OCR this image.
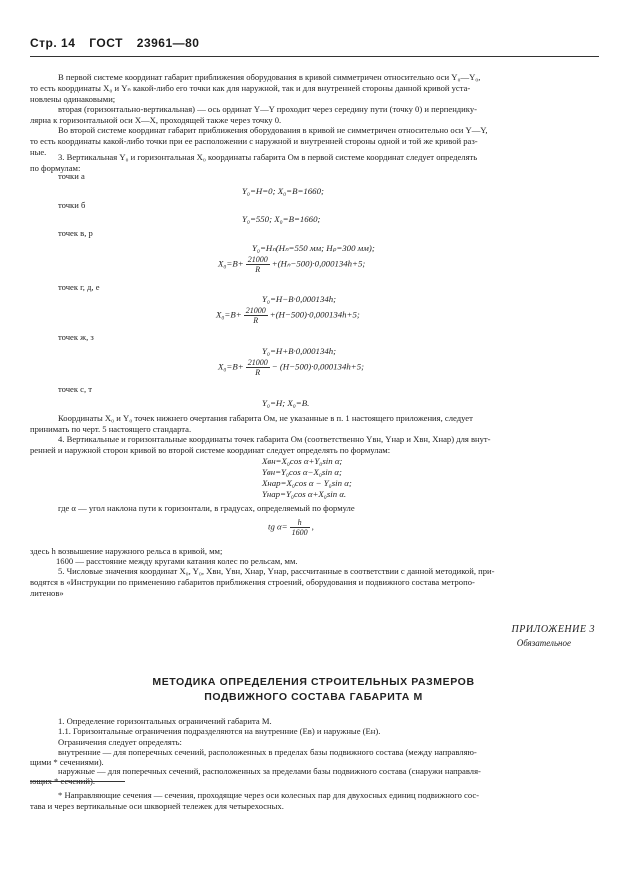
Стр. 14 ГОСТ 23961—80
В первой системе координат габарит приближения оборудования в кривой симметричен относительно оси Y₀—Y₀,
то есть координаты X₀ и Yₙ какой-либо его точки как для наружной, так и для внутренней стороны данной кривой уста-
новлены одинаковыми;
вторая (горизонтально-вертикальная) — ось ординат Y—Y проходит через середину пути (точку 0) и перпендику-
лярна к горизонтальной оси X—X, проходящей также через точку 0.
Во второй системе координат габарит приближения оборудования в кривой не симметричен относительно оси Y—Y,
то есть координаты какой-либо точки при ее расположении с наружной и внутренней стороны одной и той же кривой раз-
ные. 3. Вертикальная Y₀ и горизонтальная X₀ координаты габарита Oм в первой системе координат следует определять
по формулам:
точки а
Y₀=H=0; X₀=B=1660;
точки б
Y₀=550; X₀=B=1660;
точек в, р
Y₀=Hₙ(Hₙ=550 мм; Hₚ=300 мм);
$X_0=B+ \frac{21000}{R} +(H_n-500)\cdot 0,000134h+5$;
точек г, д, е
Y₀=H−B·0,000134h;
$X_0=B+ \frac{21000}{R} +(H-500)\cdot 0,000134h+5$;
точек ж, з
Y₀=H+B·0,000134h;
$X_0=B+ \frac{21000}{R} - (H-500)\cdot 0,000134h+5$;
точек с, т
Y₀=H; X₀=B.
Координаты X₀ и Y₀ точек нижнего очертания габарита Oм, не указанные в п. 1 настоящего приложения, следует
принимать по черт. 5 настоящего стандарта.
4. Вертикальные и горизонтальные координаты точек габарита Oм (соответственно Yвн, Yнар и Xвн, Xнар) для внут-
ренней и наружной сторон кривой во второй системе координат следует определять по формулам:
Xвн=X₀cos α+Y₀sin α;
Yвн=Y₀cos α−X₀sin α;
Xнар=X₀cos α − Y₀sin α;
Yнар=Y₀cos α+X₀sin α.
где α — угол наклона пути к горизонтали, в градусах, определяемый по формуле
tg $\alpha= \frac{h}{1600}$ ,
здесь h возвышение наружного рельса в кривой, мм;
1600 — расстояние между кругами катания колес по рельсам, мм.
5. Числовые значения координат X₀, Y₀, Xвн, Yвн, Xнар, Yнар, рассчитанные в соответствии с данной методикой, при-
водятся в «Инструкции по применению габаритов приближения строений, оборудования и подвижного состава метропо-
литенов»
ПРИЛОЖЕНИЕ 3
Обязательное
МЕТОДИКА ОПРЕДЕЛЕНИЯ СТРОИТЕЛЬНЫХ РАЗМЕРОВ
ПОДВИЖНОГО СОСТАВА ГАБАРИТА М
1. Определение горизонтальных ограничений габарита М.
1.1. Горизонтальные ограничения подразделяются на внутренние (Eв) и наружные (Eн).
Ограничения следует определять:
внутренние — для поперечных сечений, расположенных в пределах базы подвижного состава (между направляю-
щими * сечениями).
наружные — для поперечных сечений, расположенных за пределами базы подвижного состава (снаружи направля-
ющих * сечений).
* Направляющие сечения — сечения, проходящие через оси колесных пар для двухосных единиц подвижного сос-
тава и через вертикальные оси шкворней тележек для четырехосных.
